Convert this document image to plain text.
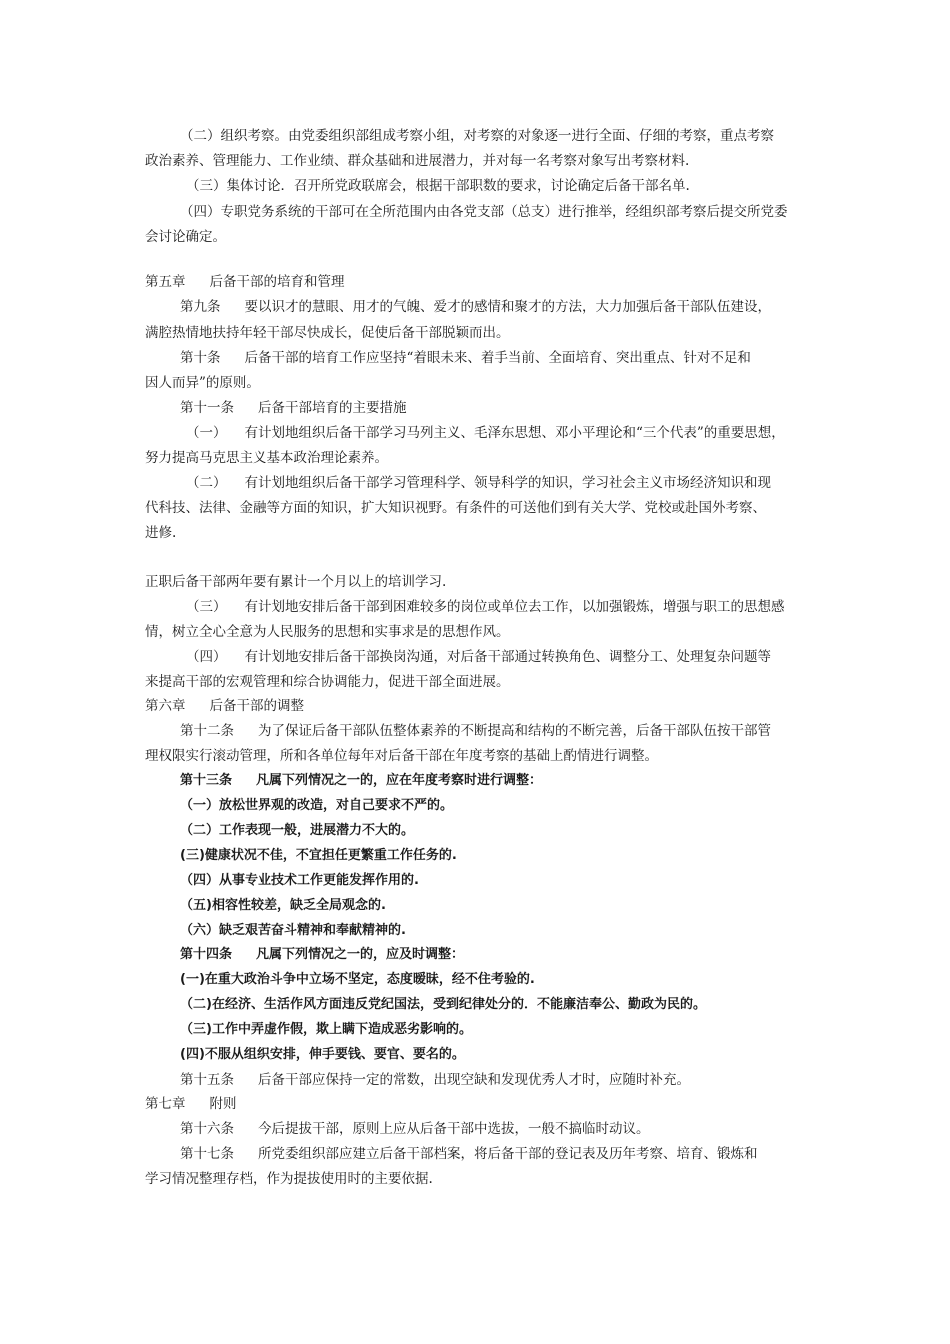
（二）组织考察。由党委组织部组成考察小组，对考察的对象逐一进行全面、仔细的考察，重点考察
政治素养、管理能力、工作业绩、群众基础和进展潜力，并对每一名考察对象写出考察材料.
（三）集体讨论．召开所党政联席会，根据干部职数的要求，讨论确定后备干部名单.
（四）专职党务系统的干部可在全所范围内由各党支部（总支）进行推举，经组织部考察后提交所党委
会讨论确定。
第五章 后备干部的培育和管理
第九条 要以识才的慧眼、用才的气魄、爱才的感情和聚才的方法，大力加强后备干部队伍建设，
满腔热情地扶持年轻干部尽快成长，促使后备干部脱颖而出。
第十条 后备干部的培育工作应坚持“着眼未来、着手当前、全面培育、突出重点、针对不足和
因人而异”的原则。
第十一条 后备干部培育的主要措施
（一） 有计划地组织后备干部学习马列主义、毛泽东思想、邓小平理论和“三个代表”的重要思想，
努力提高马克思主义基本政治理论素养。
（二） 有计划地组织后备干部学习管理科学、领导科学的知识，学习社会主义市场经济知识和现
代科技、法律、金融等方面的知识，扩大知识视野。有条件的可送他们到有关大学、党校或赴国外考察、
进修.
正职后备干部两年要有累计一个月以上的培训学习.
（三） 有计划地安排后备干部到困难较多的岗位或单位去工作，以加强锻炼，增强与职工的思想感
情，树立全心全意为人民服务的思想和实事求是的思想作风。
（四） 有计划地安排后备干部换岗沟通，对后备干部通过转换角色、调整分工、处理复杂问题等
来提高干部的宏观管理和综合协调能力，促进干部全面进展。
第六章 后备干部的调整
第十二条 为了保证后备干部队伍整体素养的不断提高和结构的不断完善，后备干部队伍按干部管
理权限实行滚动管理，所和各单位每年对后备干部在年度考察的基础上酌情进行调整。
第十三条 凡属下列情况之一的，应在年度考察时进行调整：
（一）放松世界观的改造，对自己要求不严的。
（二）工作表现一般，进展潜力不大的。
(三)健康状况不佳，不宜担任更繁重工作任务的.
（四）从事专业技术工作更能发挥作用的.
（五)相容性较差，缺乏全局观念的.
（六）缺乏艰苦奋斗精神和奉献精神的.
第十四条 凡属下列情况之一的，应及时调整：
(一)在重大政治斗争中立场不坚定，态度暧昧，经不住考验的.
（二)在经济、生活作风方面违反党纪国法，受到纪律处分的．不能廉洁奉公、勤政为民的。
（三)工作中弄虚作假，欺上瞒下造成恶劣影响的。
(四)不服从组织安排，伸手要钱、要官、要名的。
第十五条 后备干部应保持一定的常数，出现空缺和发现优秀人才时，应随时补充。
第七章 附则
第十六条 今后提拔干部，原则上应从后备干部中选拔，一般不搞临时动议。
第十七条 所党委组织部应建立后备干部档案，将后备干部的登记表及历年考察、培育、锻炼和
学习情况整理存档，作为提拔使用时的主要依据.
